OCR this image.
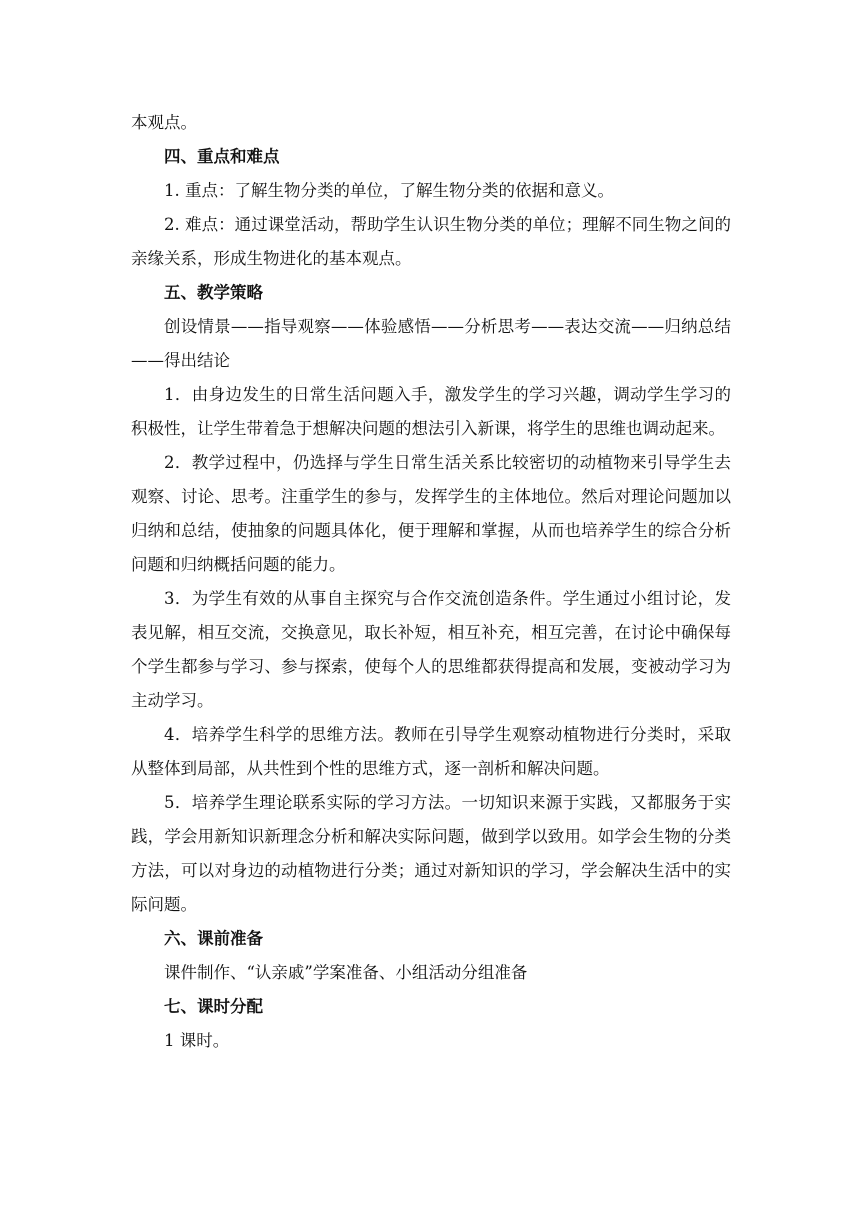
本观点。

四、重点和难点

1. 重点：了解生物分类的单位，了解生物分类的依据和意义。

2. 难点：通过课堂活动，帮助学生认识生物分类的单位；理解不同生物之间的亲缘关系，形成生物进化的基本观点。

五、教学策略

创设情景——指导观察——体验感悟——分析思考——表达交流——归纳总结——得出结论

1．由身边发生的日常生活问题入手，激发学生的学习兴趣，调动学生学习的积极性，让学生带着急于想解决问题的想法引入新课，将学生的思维也调动起来。

2．教学过程中，仍选择与学生日常生活关系比较密切的动植物来引导学生去观察、讨论、思考。注重学生的参与，发挥学生的主体地位。然后对理论问题加以归纳和总结，使抽象的问题具体化，便于理解和掌握，从而也培养学生的综合分析问题和归纳概括问题的能力。

3．为学生有效的从事自主探究与合作交流创造条件。学生通过小组讨论，发表见解，相互交流，交换意见，取长补短，相互补充，相互完善，在讨论中确保每个学生都参与学习、参与探索，使每个人的思维都获得提高和发展，变被动学习为主动学习。

4．培养学生科学的思维方法。教师在引导学生观察动植物进行分类时，采取从整体到局部，从共性到个性的思维方式，逐一剖析和解决问题。

5．培养学生理论联系实际的学习方法。一切知识来源于实践，又都服务于实践，学会用新知识新理念分析和解决实际问题，做到学以致用。如学会生物的分类方法，可以对身边的动植物进行分类；通过对新知识的学习，学会解决生活中的实际问题。

六、课前准备

课件制作、“认亲戚”学案准备、小组活动分组准备

七、课时分配

1 课时。
